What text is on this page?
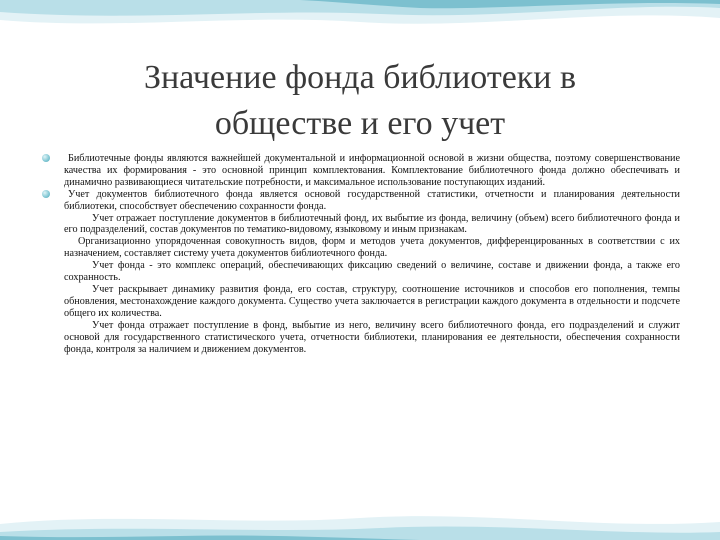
Значение фонда библиотеки в
обществе и его учет

Библиотечные фонды являются важнейшей документальной и информационной основой в жизни общества, поэтому совершенствование качества их формирования - это основной принцип комплектования. Комплектование библиотечного фонда должно обеспечивать и динамично развивающиеся читательские потребности, и максимальное использование поступающих изданий.

Учет документов библиотечного фонда является основой государственной статистики, отчетности и планирования деятельности библиотеки, способствует обеспечению сохранности фонда.

Учет отражает поступление документов в библиотечный фонд, их выбытие из фонда, величину (объем) всего библиотечного фонда и его подразделений, состав документов по тематико-видовому, языковому и иным признакам.

Организационно упорядоченная совокупность видов, форм и методов учета документов, дифференцированных в соответствии с их назначением, составляет систему учета документов библиотечного фонда.

Учет фонда - это комплекс операций, обеспечивающих фиксацию сведений о величине, составе и движении фонда, а также его сохранность.

Учет раскрывает динамику развития фонда, его состав, структуру, соотношение источников и способов его пополнения, темпы обновления, местонахождение каждого документа. Существо учета заключается в регистрации каждого документа в отдельности и подсчете общего их количества.

Учет фонда отражает поступление в фонд, выбытие из него, величину всего библиотечного фонда, его подразделений и служит основой для государственного статистического учета, отчетности библиотеки, планирования ее деятельности, обеспечения сохранности фонда, контроля за наличием и движением документов.
